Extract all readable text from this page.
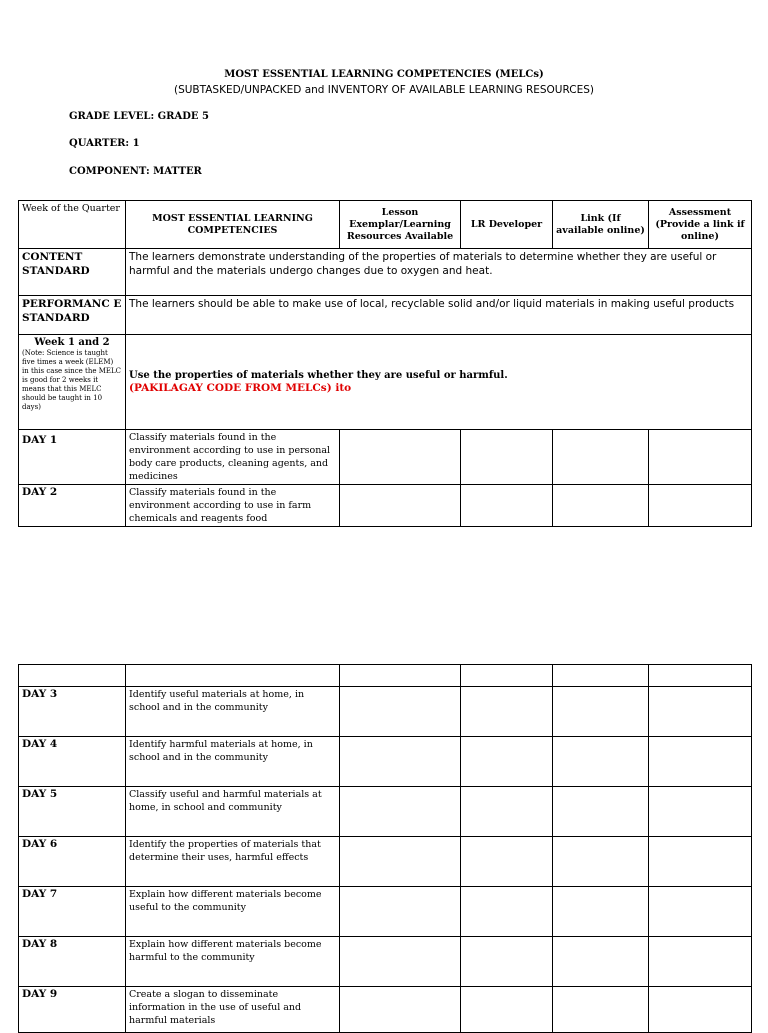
MOST ESSENTIAL LEARNING COMPETENCIES (MELCs)
(SUBTASKED/UNPACKED and INVENTORY OF AVAILABLE LEARNING RESOURCES)
GRADE LEVEL: GRADE 5
QUARTER: 1
COMPONENT: MATTER
Week of the Quarter	MOST ESSENTIAL LEARNING COMPETENCIES	Lesson Exemplar/Learning Resources Available	LR Developer	Link (If available online)	Assessment (Provide a link if online)
CONTENT STANDARD	The learners demonstrate understanding of the properties of materials to determine whether they are useful or harmful and the materials undergo changes due to oxygen and heat.				
PERFORMANC E STANDARD	The learners should be able to make use of local, recyclable solid and/or liquid materials in making useful products				

Week 1 and 2
(Note: Science is taught five times a week (ELEM) in this case since the MELC is good for 2 weeks it means that this MELC should be taught in 10 days)	Use the properties of materials whether they are useful or harmful.
(PAKILAGAY CODE FROM MELCs) ito				

DAY 1	Classify materials found in the environment according to use in personal body care products, cleaning agents, and medicines				

DAY 2	Classify materials found in the environment according to use in farm chemicals and reagents food				

DAY 3	Identify useful materials at home, in school and in the community				

DAY 4	Identify harmful materials at home, in school and in the community				

DAY 5	Classify useful and harmful materials at home, in school and community				

DAY 6	Identify the properties of materials that determine their uses, harmful effects				

DAY 7	Explain how different materials become useful to the community				

DAY 8	Explain how different materials become harmful to the community				

DAY 9	Create a slogan to disseminate information in the use of useful and harmful materials				
